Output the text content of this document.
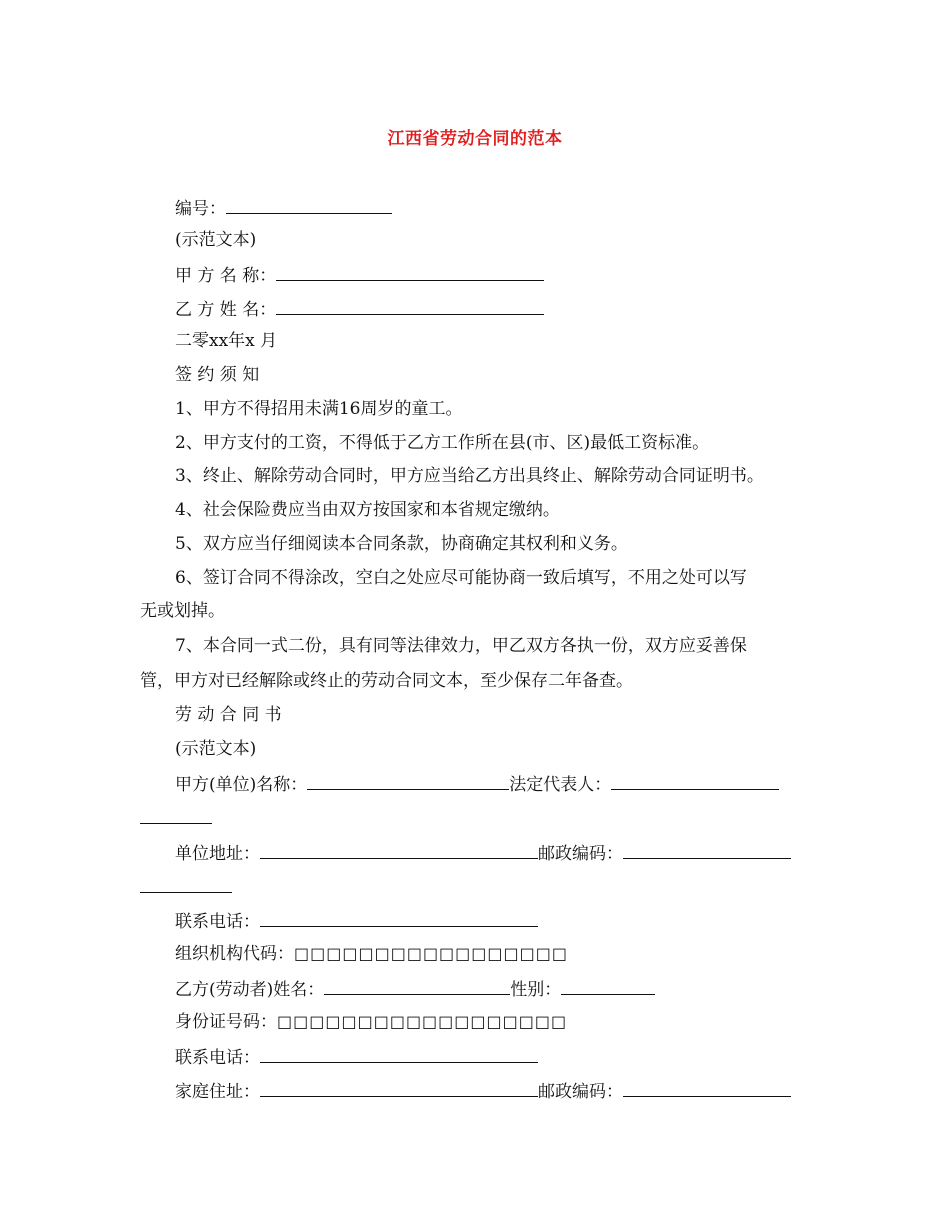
江西省劳动合同的范本
编号：
(示范文本)
甲 方 名 称：
乙 方 姓 名：
二零xx年x 月
签 约 须 知
1、甲方不得招用未满16周岁的童工。
2、甲方支付的工资，不得低于乙方工作所在县(市、区)最低工资标准。
3、终止、解除劳动合同时，甲方应当给乙方出具终止、解除劳动合同证明书。
4、社会保险费应当由双方按国家和本省规定缴纳。
5、双方应当仔细阅读本合同条款，协商确定其权利和义务。
6、签订合同不得涂改，空白之处应尽可能协商一致后填写，不用之处可以写
无或划掉。
7、本合同一式二份，具有同等法律效力，甲乙双方各执一份，双方应妥善保
管，甲方对已经解除或终止的劳动合同文本，至少保存二年备查。
劳 动 合 同 书
(示范文本)
甲方(单位)名称：	法定代表人：
单位地址：	邮政编码：
联系电话：
组织机构代码：□□□□□□□□□□□□□□□□□
乙方(劳动者)姓名：	性别：
身份证号码：□□□□□□□□□□□□□□□□□□
联系电话：
家庭住址：	邮政编码：
